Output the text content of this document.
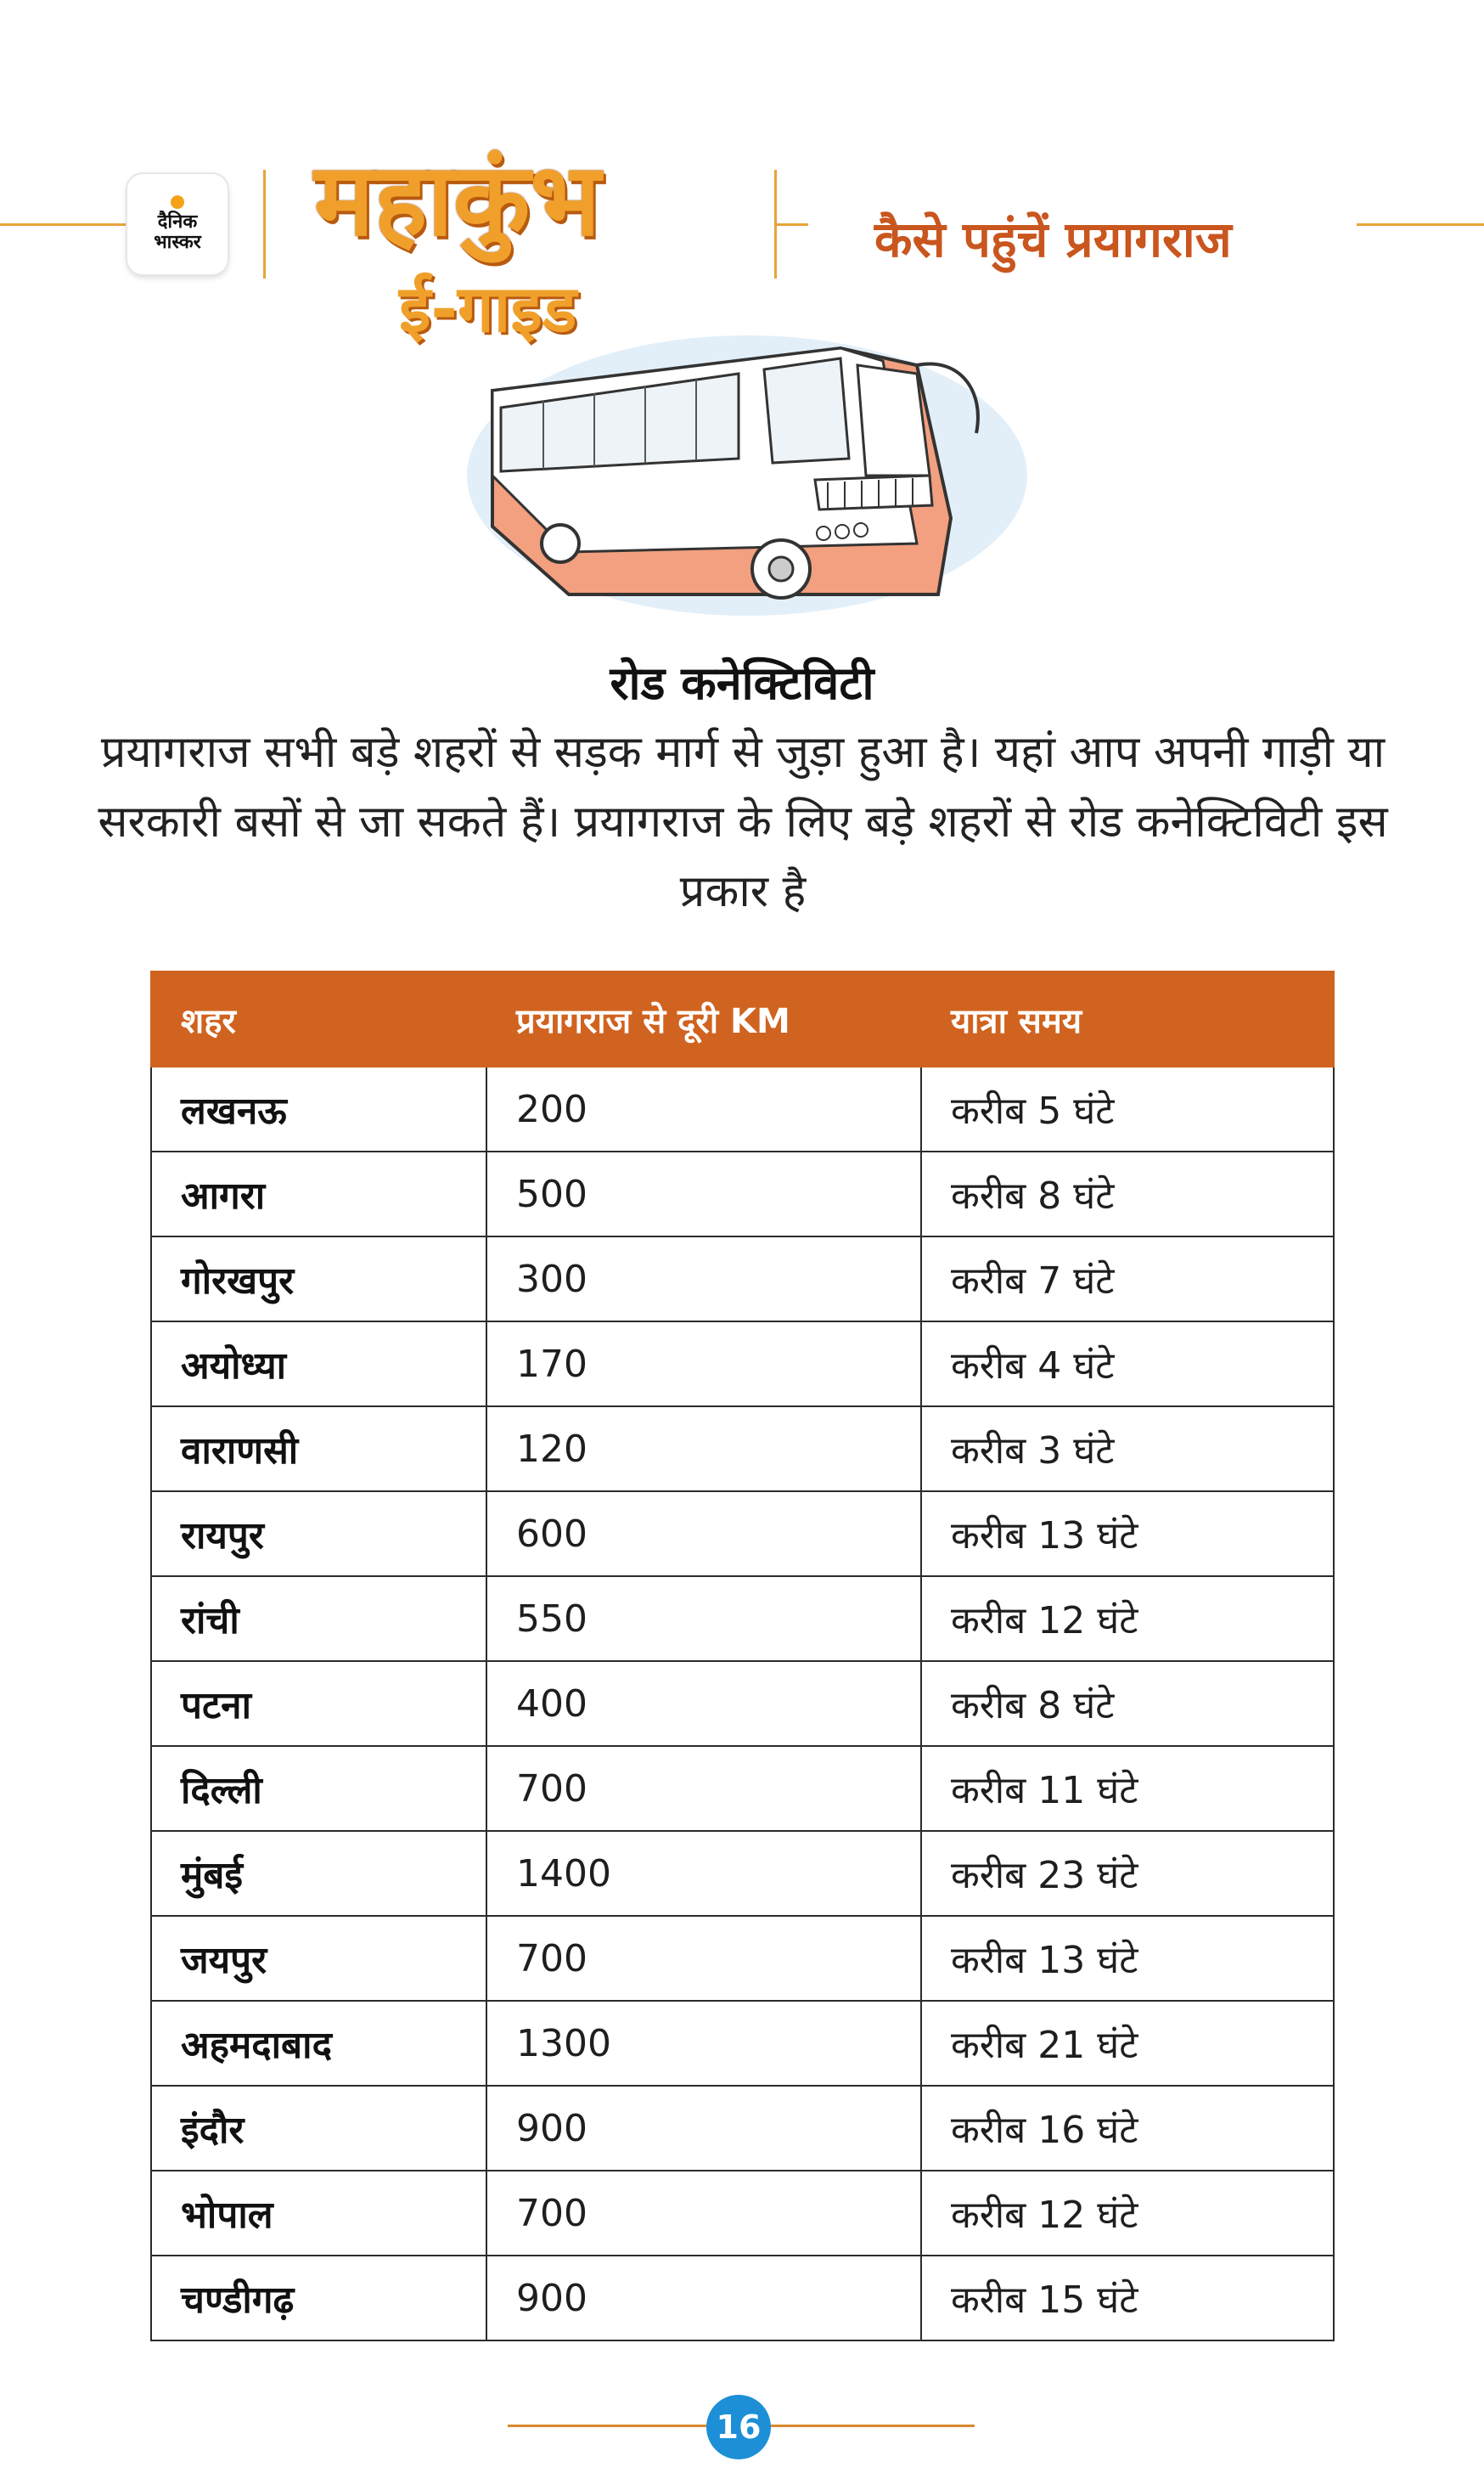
दैनिक
भास्कर महाकुंभ
ई-गाइड
कैसे पहुंचें प्रयागराज
रोड कनेक्टिविटी

प्रयागराज सभी बड़े शहरों से सड़क मार्ग से जुड़ा हुआ है। यहां आप अपनी गाड़ी या सरकारी बसों से जा सकते हैं। प्रयागराज के लिए बड़े शहरों से रोड कनेक्टिविटी इस प्रकार है

शहर	प्रयागराज से दूरी KM	यात्रा समय
लखनऊ	200	करीब 5 घंटे
आगरा	500	करीब 8 घंटे
गोरखपुर	300	करीब 7 घंटे
अयोध्या	170	करीब 4 घंटे
वाराणसी	120	करीब 3 घंटे
रायपुर	600	करीब 13 घंटे
रांची	550	करीब 12 घंटे
पटना	400	करीब 8 घंटे
दिल्ली	700	करीब 11 घंटे
मुंबई	1400	करीब 23 घंटे
जयपुर	700	करीब 13 घंटे
अहमदाबाद	1300	करीब 21 घंटे
इंदौर	900	करीब 16 घंटे
भोपाल	700	करीब 12 घंटे
चण्डीगढ़	900	करीब 15 घंटे
16
